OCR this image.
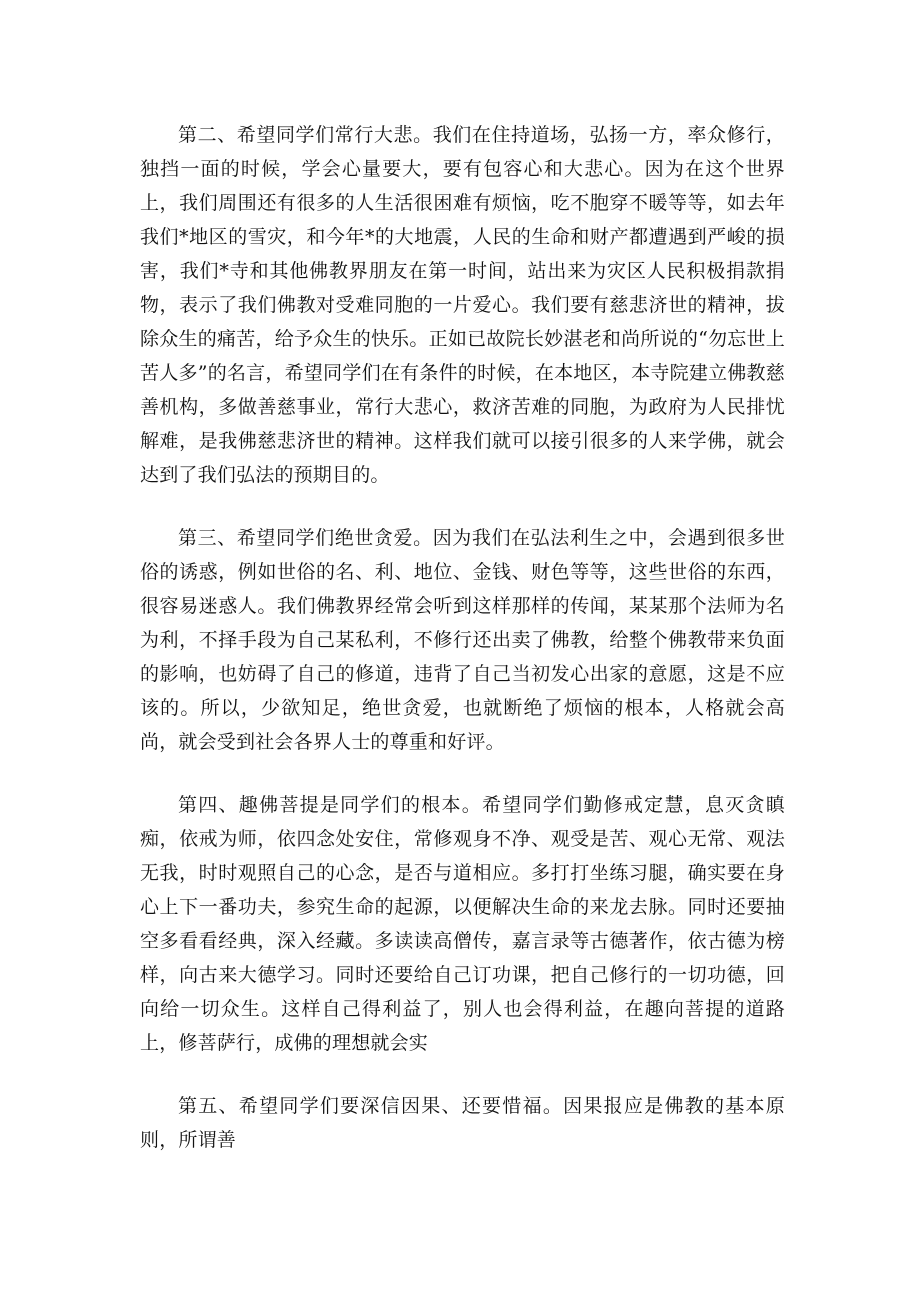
第二、希望同学们常行大悲。我们在住持道场，弘扬一方，率众修行，独挡一面的时候，学会心量要大，要有包容心和大悲心。因为在这个世界上，我们周围还有很多的人生活很困难有烦恼，吃不胞穿不暖等等，如去年我们*地区的雪灾，和今年*的大地震，人民的生命和财产都遭遇到严峻的损害，我们*寺和其他佛教界朋友在第一时间，站出来为灾区人民积极捐款捐物，表示了我们佛教对受难同胞的一片爱心。我们要有慈悲济世的精神，拔除众生的痛苦，给予众生的快乐。正如已故院长妙湛老和尚所说的“勿忘世上苦人多”的名言，希望同学们在有条件的时候，在本地区，本寺院建立佛教慈善机构，多做善慈事业，常行大悲心，救济苦难的同胞，为政府为人民排忧解难，是我佛慈悲济世的精神。这样我们就可以接引很多的人来学佛，就会达到了我们弘法的预期目的。

第三、希望同学们绝世贪爱。因为我们在弘法利生之中，会遇到很多世俗的诱惑，例如世俗的名、利、地位、金钱、财色等等，这些世俗的东西，很容易迷惑人。我们佛教界经常会听到这样那样的传闻，某某那个法师为名为利，不择手段为自己某私利，不修行还出卖了佛教，给整个佛教带来负面的影响，也妨碍了自己的修道，违背了自己当初发心出家的意愿，这是不应该的。所以，少欲知足，绝世贪爱，也就断绝了烦恼的根本，人格就会高尚，就会受到社会各界人士的尊重和好评。

第四、趣佛菩提是同学们的根本。希望同学们勤修戒定慧，息灭贪瞋痴，依戒为师，依四念处安住，常修观身不净、观受是苦、观心无常、观法无我，时时观照自己的心念，是否与道相应。多打打坐练习腿，确实要在身心上下一番功夫，参究生命的起源，以便解决生命的来龙去脉。同时还要抽空多看看经典，深入经藏。多读读高僧传，嘉言录等古德著作，依古德为榜样，向古来大德学习。同时还要给自己订功课，把自己修行的一切功德，回向给一切众生。这样自己得利益了，别人也会得利益，在趣向菩提的道路上，修菩萨行，成佛的理想就会实

第五、希望同学们要深信因果、还要惜福。因果报应是佛教的基本原则，所谓善
